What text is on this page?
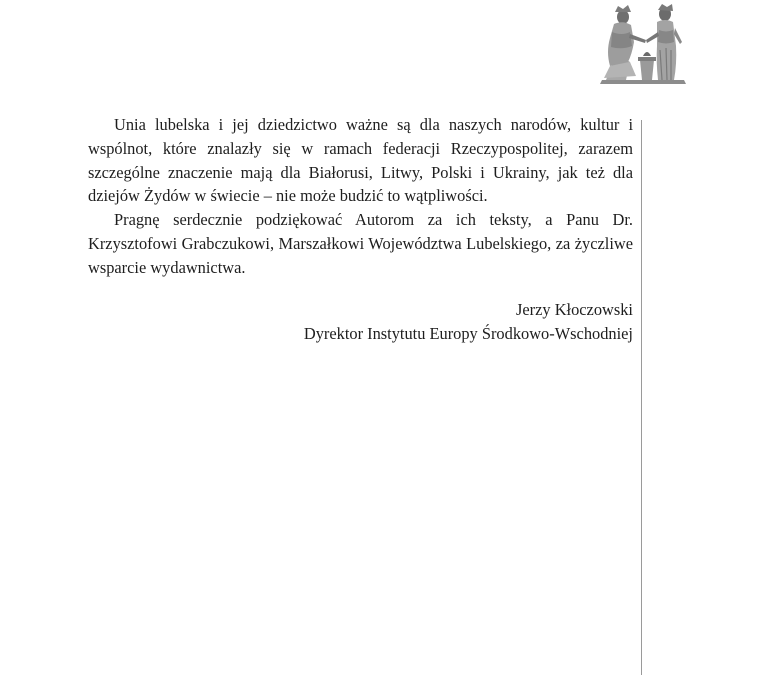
Unia lubelska i jej dziedzictwo ważne są dla naszych narodów, kultur i wspólnot, które znalazły się w ramach federacji Rzeczypospolitej, zarazem szczególne znaczenie mają dla Białorusi, Litwy, Polski i Ukrainy, jak też dla dziejów Żydów w świecie – nie może budzić to wątpliwości.

Pragnę serdecznie podziękować Autorom za ich teksty, a Panu Dr. Krzysztofowi Grabczukowi, Marszałkowi Województwa Lubelskiego, za życzliwe wsparcie wydawnictwa.

Jerzy Kłoczowski
Dyrektor Instytutu Europy Środkowo-Wschodniej
